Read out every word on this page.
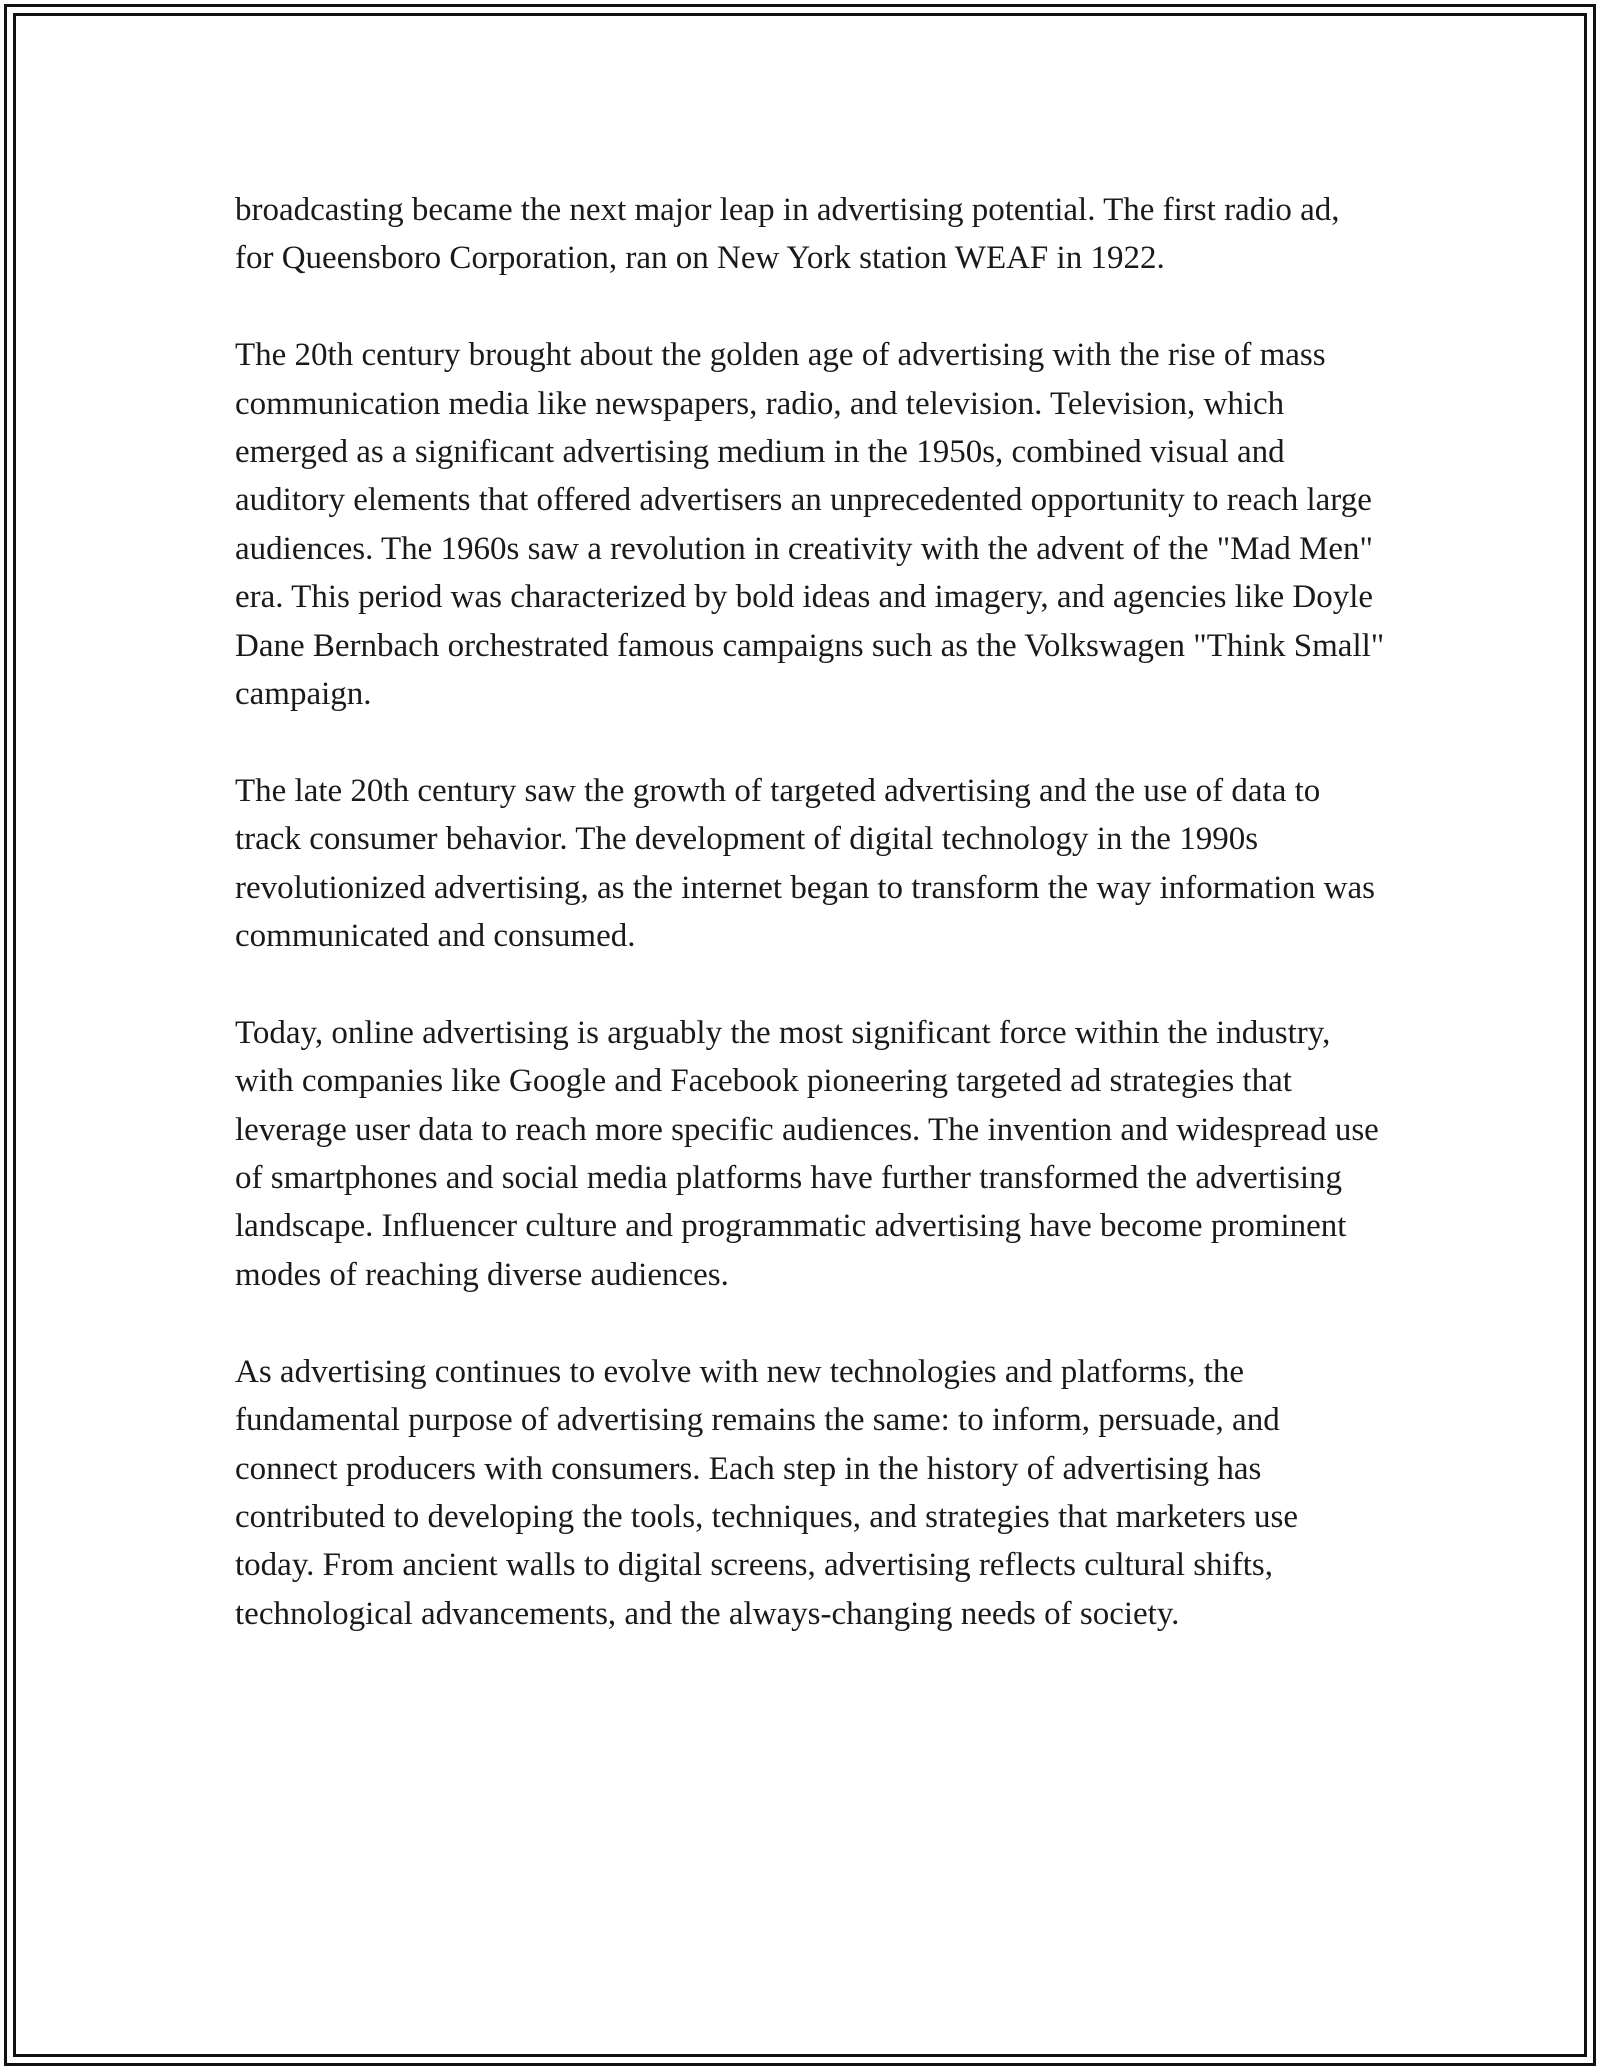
broadcasting became the next major leap in advertising potential. The first radio ad, for Queensboro Corporation, ran on New York station WEAF in 1922.

The 20th century brought about the golden age of advertising with the rise of mass communication media like newspapers, radio, and television. Television, which emerged as a significant advertising medium in the 1950s, combined visual and auditory elements that offered advertisers an unprecedented opportunity to reach large audiences. The 1960s saw a revolution in creativity with the advent of the "Mad Men" era. This period was characterized by bold ideas and imagery, and agencies like Doyle Dane Bernbach orchestrated famous campaigns such as the Volkswagen "Think Small" campaign.

The late 20th century saw the growth of targeted advertising and the use of data to track consumer behavior. The development of digital technology in the 1990s revolutionized advertising, as the internet began to transform the way information was communicated and consumed.

Today, online advertising is arguably the most significant force within the industry, with companies like Google and Facebook pioneering targeted ad strategies that leverage user data to reach more specific audiences. The invention and widespread use of smartphones and social media platforms have further transformed the advertising landscape. Influencer culture and programmatic advertising have become prominent modes of reaching diverse audiences.

As advertising continues to evolve with new technologies and platforms, the fundamental purpose of advertising remains the same: to inform, persuade, and connect producers with consumers. Each step in the history of advertising has contributed to developing the tools, techniques, and strategies that marketers use today. From ancient walls to digital screens, advertising reflects cultural shifts, technological advancements, and the always-changing needs of society.
